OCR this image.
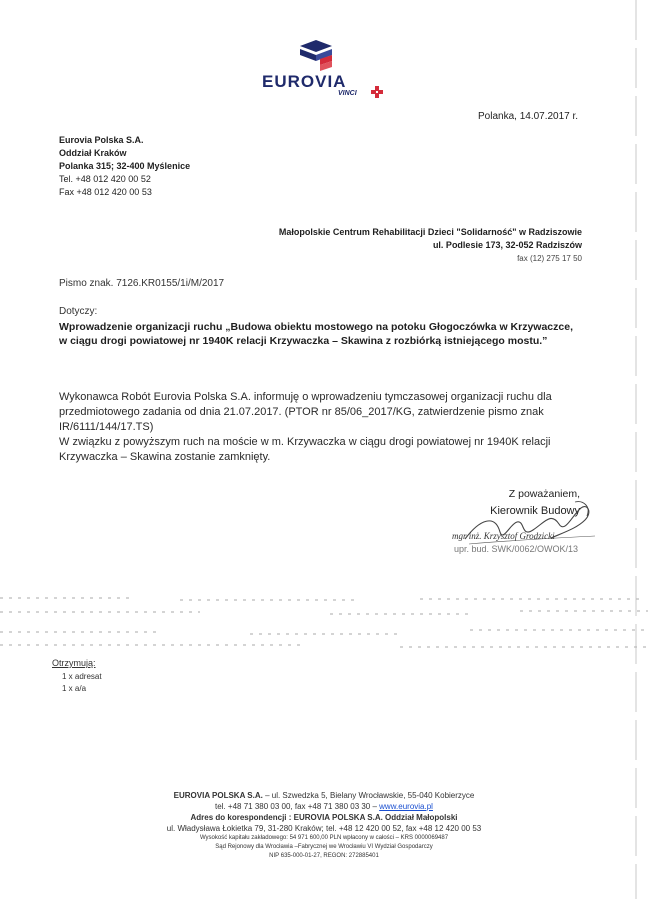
EUROVIA
VINCI
Polanka, 14.07.2017 r.
Eurovia Polska S.A.
Oddział Kraków
Polanka 315; 32-400 Myślenice
Tel. +48 012 420 00 52
Fax +48 012 420 00 53
Małopolskie Centrum Rehabilitacji Dzieci "Solidarność" w Radziszowie
ul. Podlesie 173, 32-052 Radziszów
fax (12) 275 17 50
Pismo znak. 7126.KR0155/1i/M/2017
Dotyczy:
Wprowadzenie organizacji ruchu „Budowa obiektu mostowego na potoku Głogoczówka w Krzywaczce,
w ciągu drogi powiatowej nr 1940K relacji Krzywaczka – Skawina z rozbiórką istniejącego mostu.”

Wykonawca Robót Eurovia Polska S.A. informuję o wprowadzeniu tymczasowej organizacji ruchu dla

przedmiotowego zadania od dnia 21.07.2017. (PTOR nr 85/06_2017/KG, zatwierdzenie pismo znak

IR/6111/144/17.TS)

W związku z powyższym ruch na moście w m. Krzywaczka w ciągu drogi powiatowej nr 1940K relacji

Krzywaczka – Skawina zostanie zamknięty.

Z poważaniem,
Kierownik Budowy
mgr inż. Krzysztof Grodzicki
upr. bud. SWK/0062/OWOK/13
Otrzymują:
1 x adresat
1 x a/a
EUROVIA POLSKA S.A. – ul. Szwedzka 5, Bielany Wrocławskie, 55-040 Kobierzyce
tel. +48 71 380 03 00, fax +48 71 380 03 30 – www.eurovia.pl
Adres do korespondencji : EUROVIA POLSKA S.A. Oddział Małopolski
ul. Władysława Łokietka 79, 31-280 Kraków; tel. +48 12 420 00 52, fax +48 12 420 00 53
Wysokość kapitału zakładowego: 54 971 600,00 PLN wpłacony w całości – KRS 0000069487
Sąd Rejonowy dla Wrocławia –Fabrycznej we Wrocławiu VI Wydział Gospodarczy
NIP 635-000-01-27, REGON: 272885401
